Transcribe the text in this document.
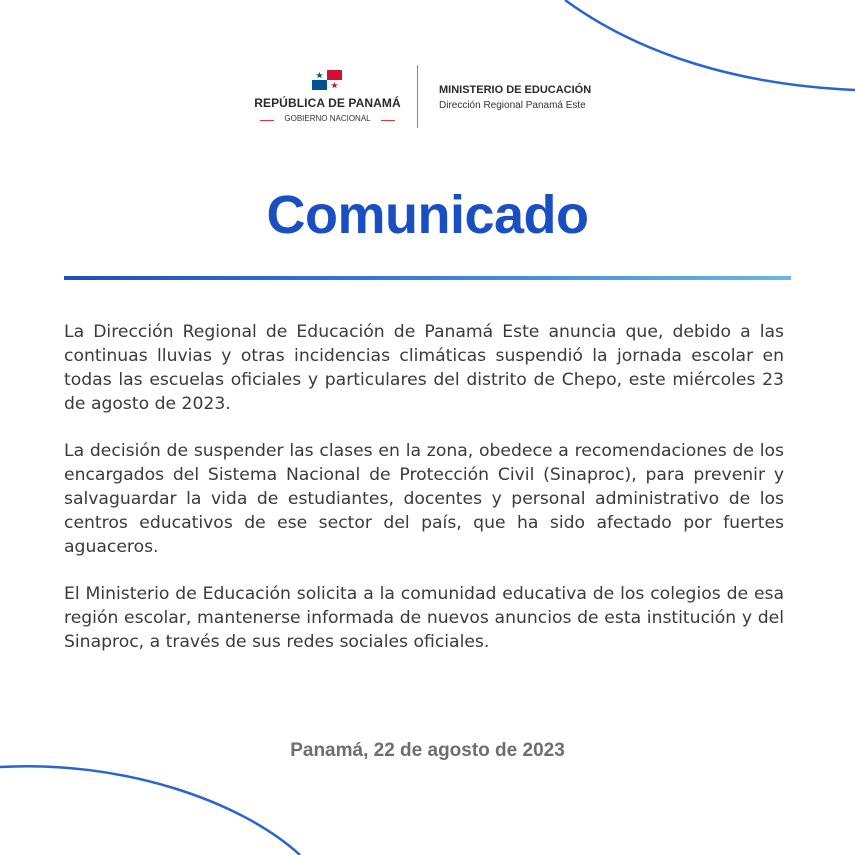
REPÚBLICA DE PANAMÁ
GOBIERNO NACIONAL
MINISTERIO DE EDUCACIÓN
Dirección Regional Panamá Este
Comunicado

La Dirección Regional de Educación de Panamá Este anuncia que, debido a las continuas lluvias y otras incidencias climáticas suspendió la jornada escolar en todas las escuelas oficiales y particulares del distrito de Chepo, este miércoles 23 de agosto de 2023.

La decisión de suspender las clases en la zona, obedece a recomendaciones de los encargados del Sistema Nacional de Protección Civil (Sinaproc), para prevenir y salvaguardar la vida de estudiantes, docentes y personal administrativo de los centros educativos de ese sector del país, que ha sido afectado por fuertes aguaceros.

El Ministerio de Educación solicita a la comunidad educativa de los colegios de esa región escolar, mantenerse informada de nuevos anuncios de esta institución y del Sinaproc, a través de sus redes sociales oficiales.

Panamá, 22 de agosto de 2023
